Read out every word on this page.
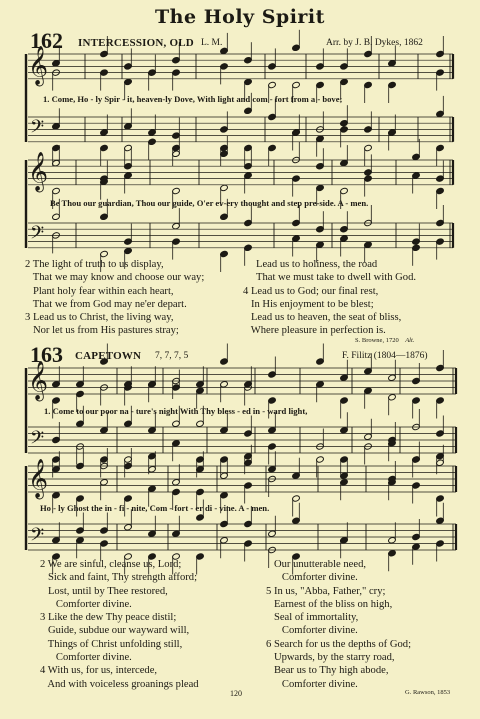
The Holy Spirit
162 INTERCESSION, OLD L. M.	Arr. by J. B. Dykes, 1862
𝄞
𝄢
𝄞
𝄢
𝄞
𝄢
𝄞
𝄢
1. Come, Ho - ly Spir - it, heaven-ly Dove, With light and com - fort from a - bove;
Be Thou our guardian, Thou our guide, O'er ev-ery thought and step pre-side. A - men.
2 The light of truth to us display,
That we may know and choose our way;
Plant holy fear within each heart,
That we from God may ne'er depart.
3 Lead us to Christ, the living way,
Nor let us from His pastures stray;
Lead us to holiness, the road
That we must take to dwell with God.
4 Lead us to God; our final rest,
In His enjoyment to be blest;
Lead us to heaven, the seat of bliss,
Where pleasure in perfection is.
S. Browne, 1720 Alt.
163 CAPETOWN 7, 7, 7, 5	F. Filitz (1804—1876)
1. Come to our poor na - ture's night With Thy bless - ed in - ward light,
Ho - ly Ghost the in - fi - nite, Com - fort - er di - vine. A - men.
2 We are sinful, cleanse us, Lord;
Sick and faint, Thy strength afford;
Lost, until by Thee restored,
Comforter divine.
3 Like the dew Thy peace distil;
Guide, subdue our wayward will,
Things of Christ unfolding still,
Comforter divine.
4 With us, for us, intercede,
And with voiceless groanings plead
Our unutterable need,
Comforter divine.
5 In us, "Abba, Father," cry;
Earnest of the bliss on high,
Seal of immortality,
Comforter divine.
6 Search for us the depths of God;
Upwards, by the starry road,
Bear us to Thy high abode,
Comforter divine.
120	G. Rawson, 1853
